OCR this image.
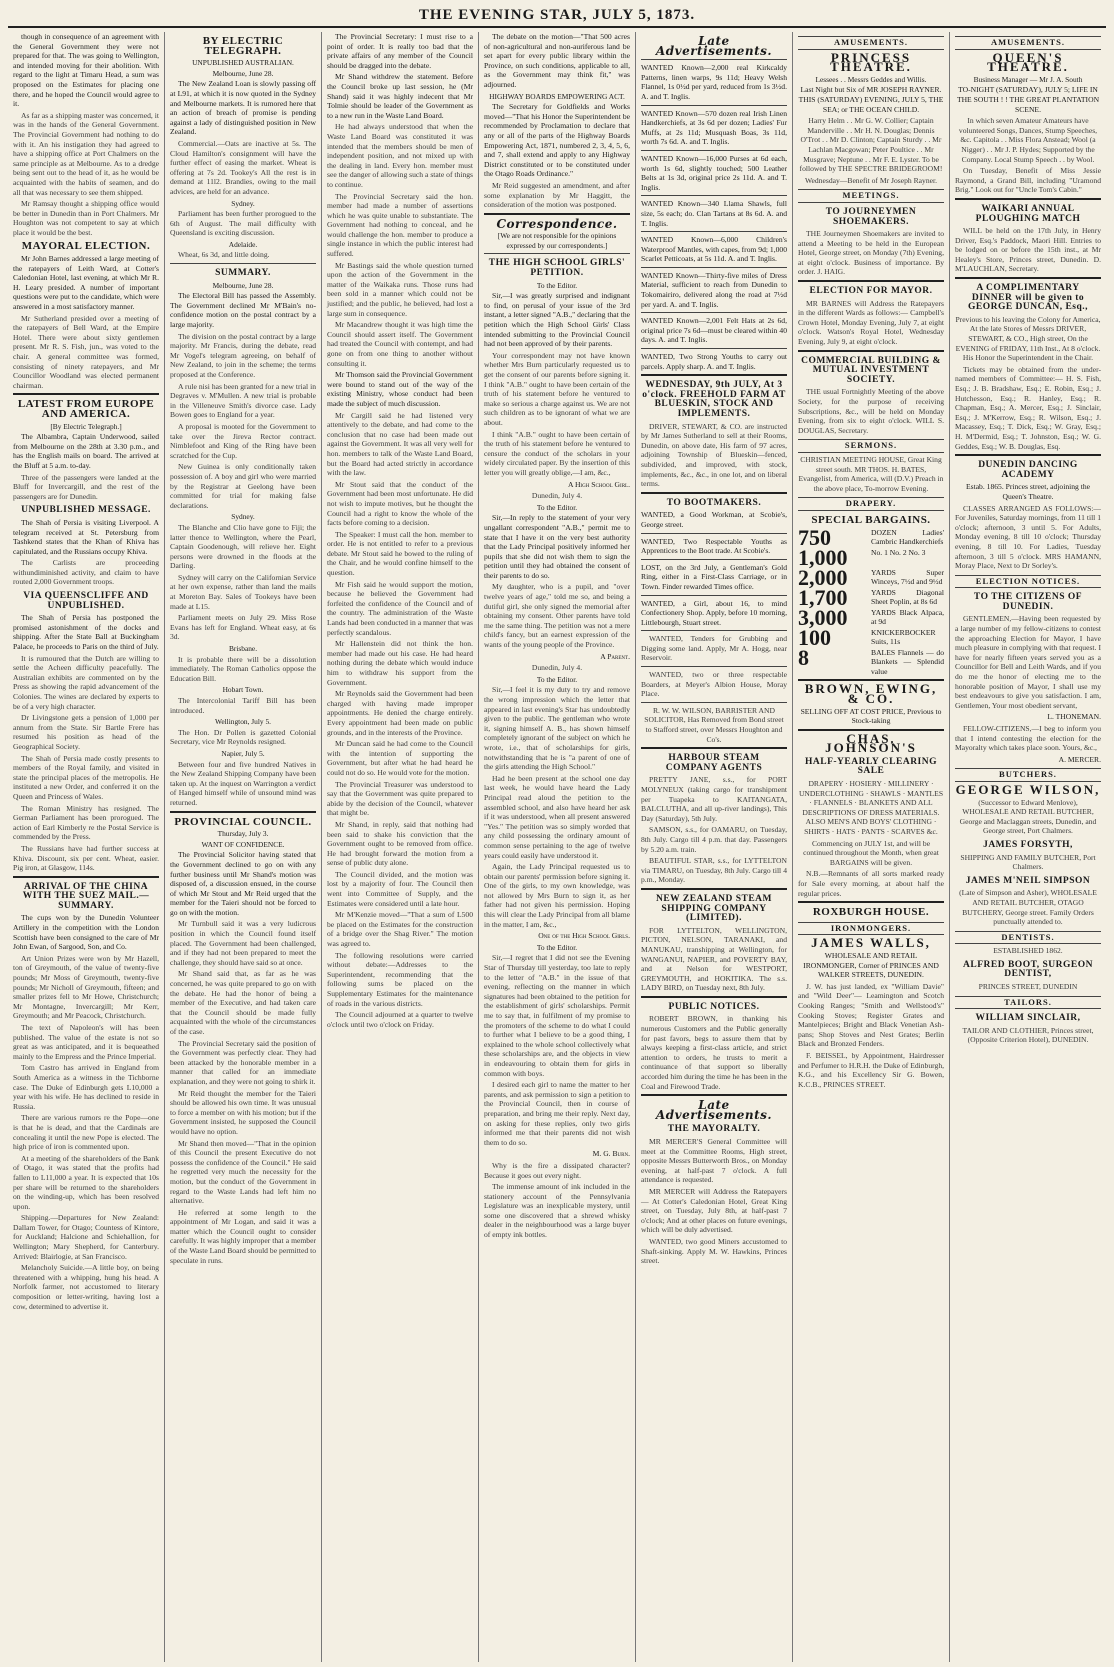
THE EVENING STAR, JULY 5, 1873.

though in consequence of an agreement with the General Government they were not prepared for that. The was going to Wellington, and intended moving for their abolition. With regard to the light at Timaru Head, a sum was proposed on the Estimates for placing one there, and he hoped the Council would agree to it.

As far as a shipping master was concerned, it was in the hands of the General Government. The Provincial Government had nothing to do with it. An his instigation they had agreed to have a shipping office at Port Chalmers on the same principle as at Melbourne. As to a dredge being sent out to the head of it, as he would be acquainted with the habits of seamen, and do all that was necessary to see them shipped.

Mr Ramsay thought a shipping office would be better in Dunedin than in Port Chalmers. Mr Houghton was not competent to say at which place it would be the best.

MAYORAL ELECTION.

Mr John Barnes addressed a large meeting of the ratepayers of Leith Ward, at Cotter's Caledonian Hotel, last evening, at which Mr R. H. Leary presided. A number of important questions were put to the candidate, which were answered in a most satisfactory manner.

Mr Sutherland presided over a meeting of the ratepayers of Bell Ward, at the Empire Hotel. There were about sixty gentlemen present. Mr R. S. Fish, jun., was voted to the chair. A general committee was formed, consisting of ninety ratepayers, and Mr Councillor Woodland was elected permanent chairman.

LATEST FROM EUROPE AND AMERICA.
[By Electric Telegraph.]

The Albambra, Captain Underwood, sailed from Melbourne on the 28th at 3.30 p.m., and has the English mails on board. The arrived at the Bluff at 5 a.m. to-day.

Three of the passengers were landed at the Bluff for Invercargill, and the rest of the passengers are for Dunedin.

UNPUBLISHED MESSAGE.

The Shah of Persia is visiting Liverpool. A telegram received at St. Petersburg from Tashkend states that the Khan of Khiva has capitulated, and the Russians occupy Khiva.

The Carlists are proceeding withundiminished activity, and claim to have routed 2,000 Government troops.

VIA QUEENSCLIFFE AND UNPUBLISHED.

The Shah of Persia has postponed the promised astonishment of the docks and shipping. After the State Ball at Buckingham Palace, he proceeds to Paris on the third of July.

It is rumoured that the Dutch are willing to settle the Acheen difficulty peacefully. The Australian exhibits are commented on by the Press as showing the rapid advancement of the Colonies. The wines are declared by experts to be of a very high character.

Dr Livingstone gets a pension of 1,000 per annum from the State. Sir Bartle Frere has resumed his position as head of the Geographical Society.

The Shah of Persia made costly presents to members of the Royal family, and visited in state the principal places of the metropolis. He instituted a new Order, and conferred it on the Queen and Princess of Wales.

The Roman Ministry has resigned. The German Parliament has been prorogued. The action of Earl Kimberly re the Postal Service is commended by the Press.

The Russians have had further success at Khiva. Discount, six per cent. Wheat, easier. Pig iron, at Glasgow, 114s.

ARRIVAL OF THE CHINA WITH THE SUEZ MAIL.—SUMMARY.

The cups won by the Dunedin Volunteer Artillery in the competition with the London Scottish have been consigned to the care of Mr John Ewan, of Sargood, Son, and Co.

Art Union Prizes were won by Mr Hazell, ton of Greymouth, of the value of twenty-five pounds; Mr Moss of Greymouth, twenty-five pounds; Mr Nicholl of Greymouth, fifteen; and smaller prizes fell to Mr Howe, Christchurch; Mr Montagne, Invercargill; Mr Kerr, Greymouth; and Mr Peacock, Christchurch.

The text of Napoleon's will has been published. The value of the estate is not so great as was anticipated, and it is bequeathed mainly to the Empress and the Prince Imperial.

Tom Castro has arrived in England from South America as a witness in the Tichborne case. The Duke of Edinburgh gets L10,000 a year with his wife. He has declined to reside in Russia.

There are various rumors re the Pope—one is that he is dead, and that the Cardinals are concealing it until the new Pope is elected. The high price of iron is commented upon.

At a meeting of the shareholders of the Bank of Otago, it was stated that the profits had fallen to L11,000 a year. It is expected that 10s per share will be returned to the shareholders on the winding-up, which has been resolved upon.

Shipping.—Departures for New Zealand: Dallam Tower, for Otago; Countess of Kintore, for Auckland; Halcione and Schiehallion, for Wellington; Mary Shepherd, for Canterbury. Arrived: Blairlogie, at San Francisco.

Melancholy Suicide.—A little boy, on being threatened with a whipping, hung his head. A Norfolk farmer, not accustomed to literary composition or letter-writing, having lost a cow, determined to advertise it.

BY ELECTRIC TELEGRAPH.
UNPUBLISHED AUSTRALIAN.
Melbourne, June 28.

The New Zealand Loan is slowly passing off at L91, at which it is now quoted in the Sydney and Melbourne markets. It is rumored here that an action of breach of promise is pending against a lady of distinguished position in New Zealand.

Commercial.—Oats are inactive at 5s. The Cloud Hamilton's consignment will have the further effect of easing the market. Wheat is offering at 7s 2d. Tookey's All the rest is in demand at 11l2. Brandies, owing to the mail advices, are held for an advance.

Sydney.

Parliament has been further prorogued to the 6th of August. The mail difficulty with Queensland is exciting discussion.

Adelaide.

Wheat, 6s 3d, and little doing.

SUMMARY.
Melbourne, June 28.

The Electoral Bill has passed the Assembly. The Government declined Mr M'Bain's no-confidence motion on the postal contract by a large majority.

The division on the postal contract by a large majority. Mr Francis, during the debate, read Mr Vogel's telegram agreeing, on behalf of New Zealand, to join in the scheme; the terms proposed at the Conference.

A rule nisi has been granted for a new trial in Degraves v. M'Mullen. A new trial is probable in the Villeneuve Smith's divorce case. Lady Bowen goes to England for a year.

A proposal is mooted for the Government to take over the Jireva Rector contract. Nimblefoot and King of the Ring have been scratched for the Cup.

New Guinea is only conditionally taken possession of. A boy and girl who were married by the Registrar at Geelong have been committed for trial for making false declarations.

Sydney.

The Blanche and Clio have gone to Fiji; the latter thence to Wellington, where the Pearl, Captain Goodenough, will relieve her. Eight persons were drowned in the floods at the Darling.

Sydney will carry on the Californian Service at her own expense, rather than land the mails at Moreton Bay. Sales of Tookeys have been made at L15.

Parliament meets on July 29. Miss Rose Evans has left for England. Wheat easy, at 6s 3d.

Brisbane.

It is probable there will be a dissolution immediately. The Roman Catholics oppose the Education Bill.

Hobart Town.

The Intercolonial Tariff Bill has been introduced.

Wellington, July 5.

The Hon. Dr Pollen is gazetted Colonial Secretary, vice Mr Reynolds resigned.

Napier, July 5.

Between four and five hundred Natives in the New Zealand Shipping Company have been taken up. At the inquest on Warrington a verdict of Hanged himself while of unsound mind was returned.

PROVINCIAL COUNCIL.
Thursday, July 3.
WANT OF CONFIDENCE.

The Provincial Solicitor having stated that the Government declined to go on with any further business until Mr Shand's motion was disposed of, a discussion ensued, in the course of which Mr Stout and Mr Reid urged that the member for the Taieri should not be forced to go on with the motion.

Mr Turnbull said it was a very ludicrous position in which the Council found itself placed. The Government had been challenged, and if they had not been prepared to meet the challenge, they should have said so at once.

Mr Shand said that, as far as he was concerned, he was quite prepared to go on with the debate. He had the honor of being a member of the Executive, and had taken care that the Council should be made fully acquainted with the whole of the circumstances of the case.

The Provincial Secretary said the position of the Government was perfectly clear. They had been attacked by the honorable member in a manner that called for an immediate explanation, and they were not going to shirk it.

Mr Reid thought the member for the Taieri should be allowed his own time. It was unusual to force a member on with his motion; but if the Government insisted, he supposed the Council would have no option.

Mr Shand then moved—"That in the opinion of this Council the present Executive do not possess the confidence of the Council." He said he regretted very much the necessity for the motion, but the conduct of the Government in regard to the Waste Lands had left him no alternative.

He referred at some length to the appointment of Mr Logan, and said it was a matter which the Council ought to consider carefully. It was highly improper that a member of the Waste Land Board should be permitted to speculate in runs.

The Provincial Secretary: I must rise to a point of order. It is really too bad that the private affairs of any member of the Council should be dragged into the debate.

Mr Shand withdrew the statement. Before the Council broke up last session, he (Mr Shand) said it was highly indecent that Mr Tolmie should be leader of the Government as to a new run in the Waste Land Board.

He had always understood that when the Waste Land Board was constituted it was intended that the members should be men of independent position, and not mixed up with the dealing in land. Every hon. member must see the danger of allowing such a state of things to continue.

The Provincial Secretary said the hon. member had made a number of assertions which he was quite unable to substantiate. The Government had nothing to conceal, and he would challenge the hon. member to produce a single instance in which the public interest had suffered.

Mr Bastings said the whole question turned upon the action of the Government in the matter of the Waikaka runs. Those runs had been sold in a manner which could not be justified; and the public, he believed, had lost a large sum in consequence.

Mr Macandrew thought it was high time the Council should assert itself. The Government had treated the Council with contempt, and had gone on from one thing to another without consulting it.

Mr Thomson said the Provincial Government were bound to stand out of the way of the existing Ministry, whose conduct had been made the subject of much discussion.

Mr Cargill said he had listened very attentively to the debate, and had come to the conclusion that no case had been made out against the Government. It was all very well for hon. members to talk of the Waste Land Board, but the Board had acted strictly in accordance with the law.

Mr Stout said that the conduct of the Government had been most unfortunate. He did not wish to impute motives, but he thought the Council had a right to know the whole of the facts before coming to a decision.

The Speaker: I must call the hon. member to order. He is not entitled to refer to a previous debate. Mr Stout said he bowed to the ruling of the Chair, and he would confine himself to the question.

Mr Fish said he would support the motion, because he believed the Government had forfeited the confidence of the Council and of the country. The administration of the Waste Lands had been conducted in a manner that was perfectly scandalous.

Mr Hallenstein did not think the hon. member had made out his case. He had heard nothing during the debate which would induce him to withdraw his support from the Government.

Mr Reynolds said the Government had been charged with having made improper appointments. He denied the charge entirely. Every appointment had been made on public grounds, and in the interests of the Province.

Mr Duncan said he had come to the Council with the intention of supporting the Government, but after what he had heard he could not do so. He would vote for the motion.

The Provincial Treasurer was understood to say that the Government was quite prepared to abide by the decision of the Council, whatever that might be.

Mr Shand, in reply, said that nothing had been said to shake his conviction that the Government ought to be removed from office. He had brought forward the motion from a sense of public duty alone.

The Council divided, and the motion was lost by a majority of four. The Council then went into Committee of Supply, and the Estimates were considered until a late hour.

Mr M'Kenzie moved—"That a sum of L500 be placed on the Estimates for the construction of a bridge over the Shag River." The motion was agreed to.

The following resolutions were carried without debate:—Addresses to the Superintendent, recommending that the following sums be placed on the Supplementary Estimates for the maintenance of roads in the various districts.

The Council adjourned at a quarter to twelve o'clock until two o'clock on Friday.

The debate on the motion—"That 500 acres of non-agricultural and non-auriferous land be set apart for every public library within the Province, on such conditions, applicable to all, as the Government may think fit," was adjourned.

HIGHWAY BOARDS EMPOWERING ACT.

The Secretary for Goldfields and Works moved—"That his Honor the Superintendent be recommended by Proclamation to declare that any or all of the parts of the Highway Boards Empowering Act, 1871, numbered 2, 3, 4, 5, 6, and 7, shall extend and apply to any Highway District constituted or to be constituted under the Otago Roads Ordinance."

Mr Reid suggested an amendment, and after some explanation by Mr Haggitt, the consideration of the motion was postponed.

Correspondence.
[We are not responsible for the opinions expressed by our correspondents.]
THE HIGH SCHOOL GIRLS' PETITION.
To the Editor.

Sir,—I was greatly surprised and indignant to find, on perusal of your issue of the 3rd instant, a letter signed "A.B.," declaring that the petition which the High School Girls' Class intended submitting to the Provincial Council had not been approved of by their parents.

Your correspondent may not have known whether Mrs Burn particularly requested us to get the consent of our parents before signing it. I think "A.B." ought to have been certain of the truth of his statement before he ventured to make so serious a charge against us. We are not such children as to be ignorant of what we are about.

I think "A.B." ought to have been certain of the truth of his statement before he ventured to censure the conduct of the scholars in your widely circulated paper. By the insertion of this letter you will greatly oblige,—I am, &c.,

A High School Girl.

Dunedin, July 4.

To the Editor.

Sir,—In reply to the statement of your very ungallant correspondent "A.B.," permit me to state that I have it on the very best authority that the Lady Principal positively informed her pupils that she did not wish them to sign the petition until they had obtained the consent of their parents to do so.

My daughter, who is a pupil, and "over twelve years of age," told me so, and being a dutiful girl, she only signed the memorial after obtaining my consent. Other parents have told me the same thing. The petition was not a mere child's fancy, but an earnest expression of the wants of the young people of the Province.

A Parent.

Dunedin, July 4.

To the Editor.

Sir,—I feel it is my duty to try and remove the wrong impression which the letter that appeared in last evening's Star has undoubtedly given to the public. The gentleman who wrote it, signing himself A. B., has shown himself completely ignorant of the subject on which he wrote, i.e., that of scholarships for girls, notwithstanding that he is "a parent of one of the girls attending the High School."

Had he been present at the school one day last week, he would have heard the Lady Principal read aloud the petition to the assembled school, and also have heard her ask if it was understood, when all present answered "Yes." The petition was so simply worded that any child possessing the ordinary amount of common sense pertaining to the age of twelve years could easily have understood it.

Again, the Lady Principal requested us to obtain our parents' permission before signing it. One of the girls, to my own knowledge, was not allowed by Mrs Burn to sign it, as her father had not given his permission. Hoping this will clear the Lady Principal from all blame in the matter, I am, &c.,

One of the High School Girls.

To the Editor.

Sir,—I regret that I did not see the Evening Star of Thursday till yesterday, too late to reply to the letter of "A.B." in the issue of that evening, reflecting on the manner in which signatures had been obtained to the petition for the establishment of girls' scholarships. Permit me to say that, in fulfilment of my promise to the promoters of the scheme to do what I could to further what I believe to be a good thing, I explained to the whole school collectively what these scholarships are, and the objects in view in endeavouring to obtain them for girls in common with boys.

I desired each girl to name the matter to her parents, and ask permission to sign a petition to the Provincial Council, then in course of preparation, and bring me their reply. Next day, on asking for these replies, only two girls informed me that their parents did not wish them to do so.

M. G. Burn.

Why is the fire a dissipated character? Because it goes out every night.

The immense amount of ink included in the stationery account of the Pennsylvania Legislature was an inexplicable mystery, until some one discovered that a shrewd whisky dealer in the neighbourhood was a large buyer of empty ink bottles.

Late Advertisements.

WANTED Known—2,000 real Kirkcaldy Patterns, linen warps, 9s 11d; Heavy Welsh Flannel, 1s 0½d per yard, reduced from 1s 3½d. A. and T. Inglis.

WANTED Known—570 dozen real Irish Linen Handkerchiefs, at 3s 6d per dozen; Ladies' Fur Muffs, at 2s 11d; Musquash Boas, 3s 11d, worth 7s 6d. A. and T. Inglis.

WANTED Known—16,000 Purses at 6d each, worth 1s 6d, slightly touched; 500 Leather Belts at 1s 3d, original price 2s 11d. A. and T. Inglis.

WANTED Known—340 Llama Shawls, full size, 5s each; do. Clan Tartans at 8s 6d. A. and T. Inglis.

WANTED Known—6,000 Children's Waterproof Mantles, with capes, from 9d; 1,000 Scarlet Petticoats, at 5s 11d. A. and T. Inglis.

WANTED Known—Thirty-five miles of Dress Material, sufficient to reach from Dunedin to Tokomairiro, delivered along the road at 7½d per yard. A. and T. Inglis.

WANTED Known—2,001 Felt Hats at 2s 6d, original price 7s 6d—must be cleared within 40 days. A. and T. Inglis.

WANTED, Two Strong Youths to carry out parcels. Apply sharp. A. and T. Inglis.

WEDNESDAY, 9th JULY, At 3 o'clock. FREEHOLD FARM AT BLUESKIN, STOCK AND IMPLEMENTS.

DRIVER, STEWART, & CO. are instructed by Mr James Sutherland to sell at their Rooms, Dunedin, on above date, His farm of 97 acres, adjoining Township of Blueskin—fenced, subdivided, and improved, with stock, implements, &c., &c., in one lot, and on liberal terms.

TO BOOTMAKERS.

WANTED, a Good Workman, at Scobie's, George street.

WANTED, Two Respectable Youths as Apprentices to the Boot trade. At Scobie's.

LOST, on the 3rd July, a Gentleman's Gold Ring, either in a First-Class Carriage, or in Town. Finder rewarded Times office.

WANTED, a Girl, about 16, to mind Confectionery Shop. Apply, before 10 morning, Littlebourgh, Stuart street.

WANTED, Tenders for Grubbing and Digging some land. Apply, Mr A. Hogg, near Reservoir.

WANTED, two or three respectable Boarders, at Meyer's Albion House, Moray Place.

R. W. W. WILSON, BARRISTER AND SOLICITOR, Has Removed from Bond street to Stafford street, over Messrs Houghton and Co's.

HARBOUR STEAM COMPANY AGENTS

PRETTY JANE, s.s., for PORT MOLYNEUX (taking cargo for transhipment per Tuapeka to KAITANGATA, BALCLUTHA, and all up-river landings), This Day (Saturday), 5th July.

SAMSON, s.s., for OAMARU, on Tuesday, 8th July. Cargo till 4 p.m. that day. Passengers by 5.20 a.m. train.

BEAUTIFUL STAR, s.s., for LYTTELTON via TIMARU, on Tuesday, 8th July. Cargo till 4 p.m., Monday.

NEW ZEALAND STEAM SHIPPING COMPANY (LIMITED).

FOR LYTTELTON, WELLINGTON, PICTON, NELSON, TARANAKI, and MANUKAU, transhipping at Wellington, for WANGANUI, NAPIER, and POVERTY BAY, and at Nelson for WESTPORT, GREYMOUTH, and HOKITIKA. The s.s. LADY BIRD, on Tuesday next, 8th July.

PUBLIC NOTICES.

ROBERT BROWN, in thanking his numerous Customers and the Public generally for past favors, begs to assure them that by always keeping a first-class article, and strict attention to orders, he trusts to merit a continuance of that support so liberally accorded him during the time he has been in the Coal and Firewood Trade.

Late Advertisements.
THE MAYORALTY.

MR MERCER'S General Committee will meet at the Committee Rooms, High street, opposite Messrs Butterworth Bros., on Monday evening, at half-past 7 o'clock. A full attendance is requested.

MR MERCER will Address the Ratepayers— At Cotter's Caledonian Hotel, Great King street, on Tuesday, July 8th, at half-past 7 o'clock; And at other places on future evenings, which will be duly advertised.

WANTED, two good Miners accustomed to Shaft-sinking. Apply M. W. Hawkins, Princes street.

AMUSEMENTS.
PRINCESS THEATRE.
Lessees . . Messrs Geddes and Willis.

Last Night but Six of MR JOSEPH RAYNER. THIS (SATURDAY) EVENING, JULY 5, THE SEA; or THE OCEAN CHILD.

Harry Helm . . Mr G. W. Collier; Captain Manderville . . Mr H. N. Douglas; Dennis O'Trot . . Mr D. Clinton; Captain Sturdy . . Mr Lachlan Macgowan; Peter Poultice . . Mr Musgrave; Neptune . . Mr F. E. Lyster. To be followed by THE SPECTRE BRIDEGROOM!

Wednesday—Benefit of Mr Joseph Rayner.

MEETINGS.
TO JOURNEYMEN SHOEMAKERS.

THE Journeymen Shoemakers are invited to attend a Meeting to be held in the European Hotel, George street, on Monday (7th) Evening, at eight o'clock. Business of importance. By order. J. HAIG.

ELECTION FOR MAYOR.

MR BARNES will Address the Ratepayers in the different Wards as follows:— Campbell's Crown Hotel, Monday Evening, July 7, at eight o'clock. Watson's Royal Hotel, Wednesday Evening, July 9, at eight o'clock.

COMMERCIAL BUILDING & MUTUAL INVESTMENT SOCIETY.

THE usual Fortnightly Meeting of the above Society, for the purpose of receiving Subscriptions, &c., will be held on Monday Evening, from six to eight o'clock. WILL S. DOUGLAS, Secretary.

SERMONS.

CHRISTIAN MEETING HOUSE, Great King street south. MR THOS. H. BATES, Evangelist, from America, will (D.V.) Preach in the above place, To-morrow Evening.

DRAPERY.
SPECIAL BARGAINS.
750	DOZEN Ladies' Cambric Handkerchiefs
1,000	No. 1 No. 2 No. 3
2,000	YARDS Super Winceys, 7½d and 9½d
1,700	YARDS Diagonal Sheet Poplin, at 8s 6d
3,000	YARDS Black Alpaca, at 9d
100	KNICKERBOCKER Suits, 11s
8	BALES Flannels — do Blankets — Splendid value
BROWN, EWING, & CO.

SELLING OFF AT COST PRICE, Previous to Stock-taking

CHAS. JOHNSON'S
HALF-YEARLY CLEARING SALE

DRAPERY · HOSIERY · MILLINERY · UNDERCLOTHING · SHAWLS · MANTLES · FLANNELS · BLANKETS AND ALL DESCRIPTIONS OF DRESS MATERIALS. ALSO MEN'S AND BOYS' CLOTHING · SHIRTS · HATS · PANTS · SCARVES &c.

Commencing on JULY 1st, and will be continued throughout the Month, when great BARGAINS will be given.

N.B.—Remnants of all sorts marked ready for Sale every morning, at about half the regular prices.

ROXBURGH HOUSE.
IRONMONGERS.
JAMES WALLS,

WHOLESALE AND RETAIL IRONMONGER, Corner of PRINCES AND WALKER STREETS, DUNEDIN.

J. W. has just landed, ex "William Davie" and "Wild Deer"— Leamington and Scotch Cooking Ranges; "Smith and Wellstood's" Cooking Stoves; Register Grates and Mantelpieces; Bright and Black Venetian Ash-pans; Shop Stoves and Nest Grates; Berlin Black and Bronzed Fenders.

F. BEISSEL, by Appointment, Hairdresser and Perfumer to H.R.H. the Duke of Edinburgh, K.G., and his Excellency Sir G. Bowen, K.C.B., PRINCES STREET.

AMUSEMENTS.
QUEEN'S THEATRE.
Business Manager — Mr J. A. South

TO-NIGHT (SATURDAY), JULY 5; LIFE IN THE SOUTH ! ! THE GREAT PLANTATION SCENE.

In which seven Amateur Amateurs have volunteered Songs, Dances, Stump Speeches, &c. Capitola . . Miss Flora Anstead; Wool (a Nigger) . . Mr J. P. Hydes; Supported by the Company. Local Stump Speech . . by Wool.

On Tuesday, Benefit of Miss Jessie Raymond, a Grand Bill, including "Uramond Brig." Look out for "Uncle Tom's Cabin."

WAIKARI ANNUAL PLOUGHING MATCH

WILL be held on the 17th July, in Henry Driver, Esq.'s Paddock, Maori Hill. Entries to be lodged on or before the 15th inst., at Mr Healey's Store, Princes street, Dunedin. D. M'LAUCHLAN, Secretary.

A COMPLIMENTARY DINNER will be given to GEORGE DUNCAN, Esq.,

Previous to his leaving the Colony for America, At the late Stores of Messrs DRIVER, STEWART, & CO., High street, On the EVENING of FRIDAY, 11th Inst., At 8 o'clock. His Honor the Superintendent in the Chair.

Tickets may be obtained from the under-named members of Committee:— H. S. Fish, Esq.; J. B. Bradshaw, Esq.; E. Robin, Esq.; J. Hutchesson, Esq.; R. Hanley, Esq.; R. Chapman, Esq.; A. Mercer, Esq.; J. Sinclair, Esq.; J. M'Kerrow, Esq.; R. Wilson, Esq.; J. Macassey, Esq.; T. Dick, Esq.; W. Gray, Esq.; H. M'Dermid, Esq.; T. Johnston, Esq.; W. G. Geddes, Esq.; W. B. Douglas, Esq.

DUNEDIN DANCING ACADEMY

Estab. 1865. Princes street, adjoining the Queen's Theatre.

CLASSES ARRANGED AS FOLLOWS:— For Juveniles, Saturday mornings, from 11 till 1 o'clock; afternoon, 3 until 5. For Adults, Monday evening, 8 till 10 o'clock; Thursday evening, 8 till 10. For Ladies, Tuesday afternoon, 3 till 5 o'clock. MRS HAMANN, Moray Place, Next to Dr Sorley's.

ELECTION NOTICES.
TO THE CITIZENS OF DUNEDIN.

GENTLEMEN,—Having been requested by a large number of my fellow-citizens to contest the approaching Election for Mayor, I have much pleasure in complying with that request. I have for nearly fifteen years served you as a Councillor for Bell and Leith Wards, and if you do me the honor of electing me to the honorable position of Mayor, I shall use my best endeavours to give you satisfaction. I am, Gentlemen, Your most obedient servant,

L. THONEMAN.

FELLOW-CITIZENS,—I beg to inform you that I intend contesting the election for the Mayoralty which takes place soon. Yours, &c.,

A. MERCER.

BUTCHERS.
GEORGE WILSON,

(Successor to Edward Menlove), WHOLESALE AND RETAIL BUTCHER, George and Maclaggan streets, Dunedin, and George street, Port Chalmers.

JAMES FORSYTH,

SHIPPING AND FAMILY BUTCHER, Port Chalmers.

JAMES M'NEIL SIMPSON

(Late of Simpson and Asher), WHOLESALE AND RETAIL BUTCHER, OTAGO BUTCHERY, George street. Family Orders punctually attended to.

DENTISTS.

ESTABLISHED 1862.

ALFRED BOOT, SURGEON DENTIST,

PRINCES STREET, DUNEDIN

TAILORS.
WILLIAM SINCLAIR,

TAILOR AND CLOTHIER, Princes street, (Opposite Criterion Hotel), DUNEDIN.
